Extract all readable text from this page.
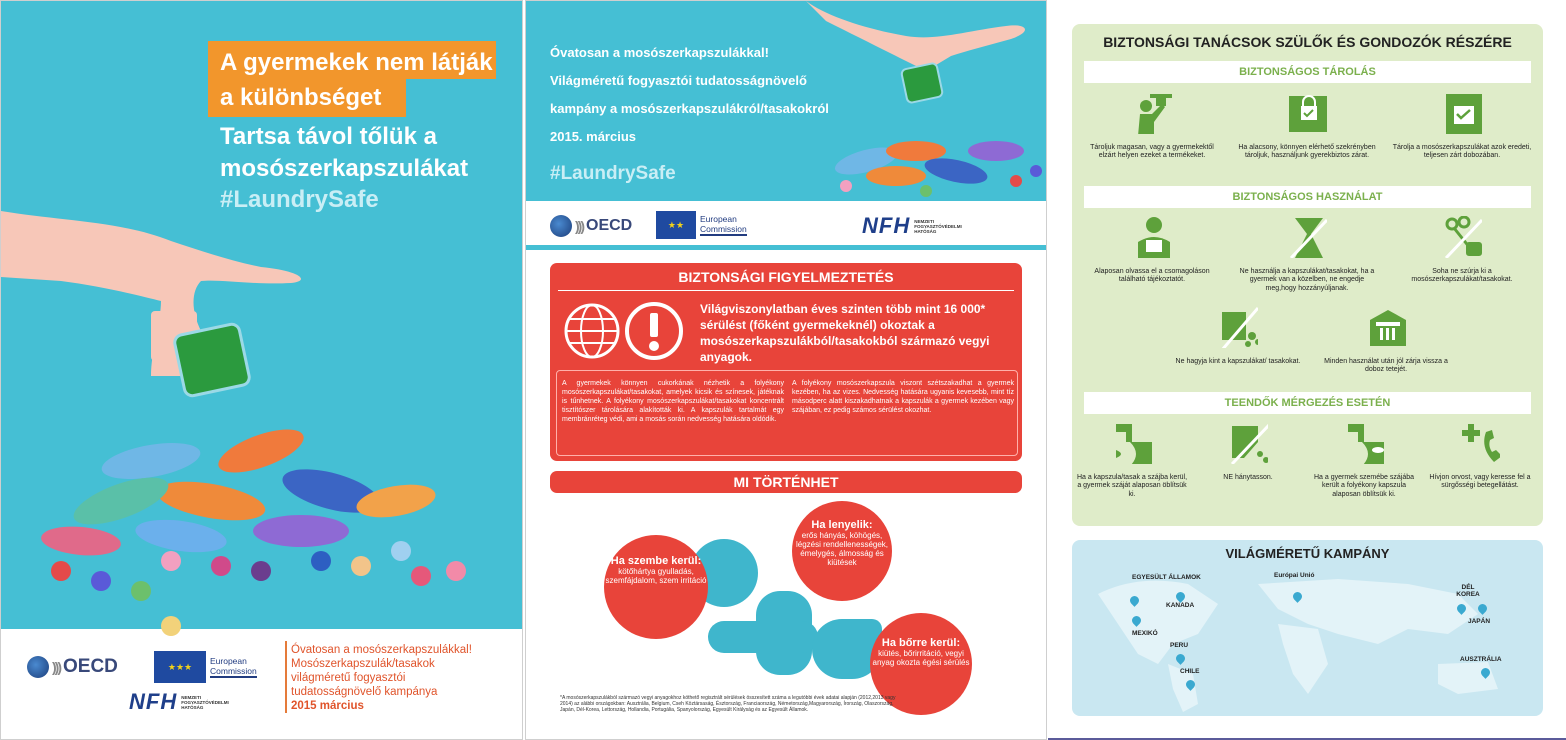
A gyermekek nem látják a különbséget
Tartsa távol tőlük a mosószerkapszulákat
#LaundrySafe
))) OECD	★★★
European
Commission
NFH NEMZETI
FOGYASZTÓVÉDELMI
HATÓSÁG
Óvatosan a mosószerkapszulákkal!
Mosószerkapszulák/tasakok
világméretű fogyasztói
tudatosságnövelő kampánya
2015 március
Óvatosan a mosószerkapszulákkal!
Világméretű fogyasztói tudatosságnövelő
kampány a mosószerkapszulákról/tasakokról
2015. március
#LaundrySafe
))) OECD	★★
European
Commission	NFH NEMZETI
FOGYASZTÓVÉDELMI
HATÓSÁG
BIZTONSÁGI FIGYELMEZTETÉS
Világviszonylatban éves szinten több mint 16 000* sérülést (főként gyermekeknél) okoztak a mosószerkapszulákból/tasakokból származó vegyi anyagok.
A gyermekek könnyen cukorkának nézhetik a folyékony mosószerkapszulákat/tasakokat, amelyek kicsik és színesek, játéknak is tűnhetnek. A folyékony mosószerkapszulákat/tasakokat koncentrált tisztítószer tárolására alakították ki. A kapszulák tartalmát egy membránréteg védi, ami a mosás során nedvesség hatására oldódik.
A folyékony mosószerkapszula viszont szétszakadhat a gyermek kezében, ha az vizes. Nedvesség hatására ugyanis kevesebb, mint tíz másodperc alatt kiszakadhatnak a kapszulák a gyermek kezében vagy szájában, ez pedig számos sérülést okozhat.
MI TÖRTÉNHET
Ha szembe kerül:
kötőhártya gyulladás, szemfájdalom, szem irritáció
Ha lenyelik:
erős hányás, köhögés, légzési rendellenességek, émelygés, álmosság és kiütések
Ha bőrre kerül:
kiütés, bőrirritáció, vegyi anyag okozta égési sérülés
*A mosószerkapszulákból származó vegyi anyagokhoz köthető regisztrált sérülések összesített száma a legutóbbi évek adatai alapján (2012,2013 vagy 2014) az alábbi országokban: Ausztrália, Belgium, Cseh Köztársaság, Észtország, Franciaország, Németország,Magyarország, Írország, Olaszország, Japán, Dél-Korea, Lettország, Hollandia, Portugália, Spanyolország, Egyesült Királyság és az Egyesült Államok.
BIZTONSÁGI TANÁCSOK SZÜLŐK ÉS GONDOZÓK RÉSZÉRE
BIZTONSÁGOS TÁROLÁS
Tároljuk magasan, vagy a gyermekektől elzárt helyen ezeket a termékeket.
Ha alacsony, könnyen elérhető szekrényben tároljuk, használjunk gyerekbiztos zárat.
Tárolja a mosószerkapszulákat azok eredeti, teljesen zárt dobozában.
BIZTONSÁGOS HASZNÁLAT
Alaposan olvassa el a csomagoláson található tájékoztatót.
Ne használja a kapszulákat/tasakokat, ha a gyermek van a közelben, ne engedje meg,hogy hozzányúljanak.
Soha ne szúrja ki a mosószerkapszulákat/tasakokat.
Ne hagyja kint a kapszulákat/ tasakokat.	Minden használat után jól zárja vissza a doboz tetejét.
TEENDŐK MÉRGEZÉS ESETÉN
Ha a kapszula/tasak a szájba kerül, a gyermek száját alaposan öblítsük ki.
NE hánytasson.	Ha a gyermek szemébe szájába került a folyékony kapszula alaposan öblítsük ki.
Hívjon orvost, vagy keresse fel a sürgősségi betegellátást.
VILÁGMÉRETŰ KAMPÁNY
EGYESÜLT ÁLLAMOK
KANADA
Európai Unió
DÉL KOREA
JAPÁN
MEXIKÓ
PERU
CHILE
AUSZTRÁLIA
